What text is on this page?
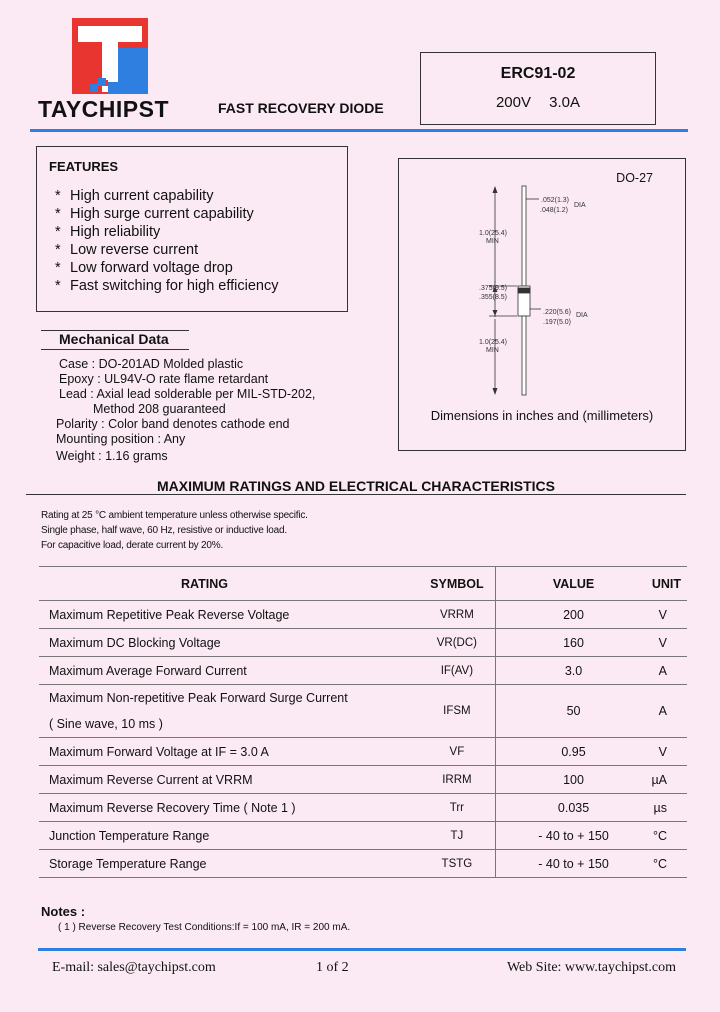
TAYCHIPST	FAST RECOVERY DIODE
ERC91-02
200V 3.0A
FEATURES
* High current capability
* High surge current capability
* High reliability
* Low reverse current
* Low forward voltage drop
* Fast switching for high efficiency
Mechanical Data
Case : DO-201AD Molded plastic
Epoxy : UL94V-O rate flame retardant
Lead : Axial lead solderable per MIL-STD-202,
Method 208 guaranteed
Polarity : Color band denotes cathode end
Mounting position : Any
Weight : 1.16 grams
DO-27
.052(1.3)
.048(1.2)
DIA
1.0(25.4)
MIN
.375(9.5)
.355(8.5)
.220(5.6)
.197(5.0)
DIA
1.0(25.4)
MIN
Dimensions in inches and (millimeters)
MAXIMUM RATINGS AND ELECTRICAL CHARACTERISTICS
Rating at 25 °C ambient temperature unless otherwise specific.
Single phase, half wave, 60 Hz, resistive or inductive load.
For capacitive load, derate current by 20%.
RATING	SYMBOL	VALUE	UNIT
Maximum Repetitive Peak Reverse Voltage	VRRM	200	V
Maximum DC Blocking Voltage	VR(DC)	160	V
Maximum Average Forward Current	IF(AV)	3.0	A

Maximum Non-repetitive Peak Forward Surge Current
( Sine wave, 10 ms )	IFSM	50	A
Maximum Forward Voltage at IF = 3.0 A	VF	0.95	V
Maximum Reverse Current at VRRM	IRRM	100	µA
Maximum Reverse Recovery Time ( Note 1 )	Trr	0.035	µs
Junction Temperature Range	TJ	- 40 to + 150	°C
Storage Temperature Range	TSTG	- 40 to + 150	°C
Notes :
( 1 ) Reverse Recovery Test Conditions:If = 100 mA, IR = 200 mA.
E-mail: sales@taychipst.com	1 of 2	Web Site: www.taychipst.com
